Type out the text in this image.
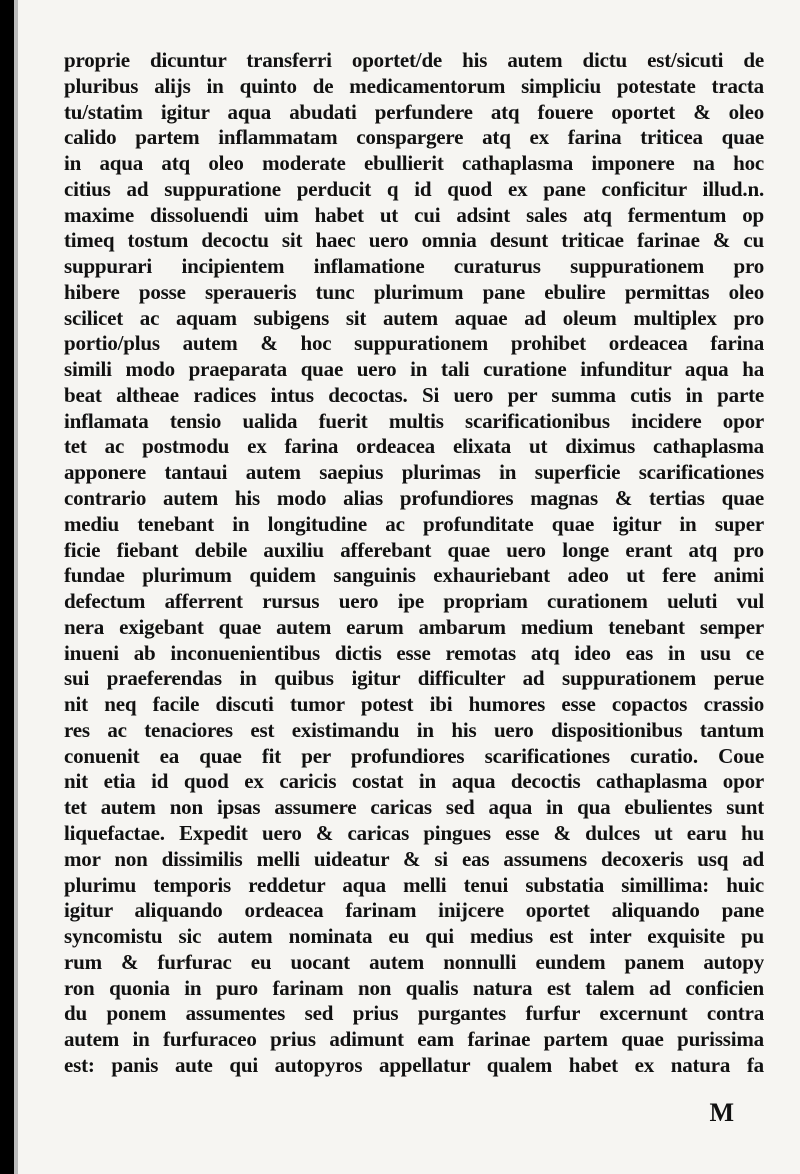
proprie dicuntur transferri oportet/de his autem dictu est/sicuti de
pluribus alijs in quinto de medicamentorum simpliciu potestate tracta
tu/statim igitur aqua abudati perfundere atq fouere oportet & oleo
calido partem inflammatam conspargere atq ex farina triticea quae
in aqua atq oleo moderate ebullierit cathaplasma imponere na hoc
citius ad suppuratione perducit q id quod ex pane conficitur illud.n.
maxime dissoluendi uim habet ut cui adsint sales atq fermentum op
timeq tostum decoctu sit haec uero omnia desunt triticae farinae & cu
suppurari incipientem inflamatione curaturus suppurationem pro
hibere posse speraueris tunc plurimum pane ebulire permittas oleo
scilicet ac aquam subigens sit autem aquae ad oleum multiplex pro
portio/plus autem & hoc suppurationem prohibet ordeacea farina
simili modo praeparata quae uero in tali curatione infunditur aqua ha
beat altheae radices intus decoctas. Si uero per summa cutis in parte
inflamata tensio ualida fuerit multis scarificationibus incidere opor
tet ac postmodu ex farina ordeacea elixata ut diximus cathaplasma
apponere tantaui autem saepius plurimas in superficie scarificationes
contrario autem his modo alias profundiores magnas & tertias quae
mediu tenebant in longitudine ac profunditate quae igitur in super
ficie fiebant debile auxiliu afferebant quae uero longe erant atq pro
fundae plurimum quidem sanguinis exhauriebant adeo ut fere animi
defectum afferrent rursus uero ipe propriam curationem ueluti vul
nera exigebant quae autem earum ambarum medium tenebant semper
inueni ab inconuenientibus dictis esse remotas atq ideo eas in usu ce
sui praeferendas in quibus igitur difficulter ad suppurationem perue
nit neq facile discuti tumor potest ibi humores esse copactos crassio
res ac tenaciores est existimandu in his uero dispositionibus tantum
conuenit ea quae fit per profundiores scarificationes curatio. Coue
nit etia id quod ex caricis costat in aqua decoctis cathaplasma opor
tet autem non ipsas assumere caricas sed aqua in qua ebulientes sunt
liquefactae. Expedit uero & caricas pingues esse & dulces ut earu hu
mor non dissimilis melli uideatur & si eas assumens decoxeris usq ad
plurimu temporis reddetur aqua melli tenui substatia simillima: huic
igitur aliquando ordeacea farinam inijcere oportet aliquando pane
syncomistu sic autem nominata eu qui medius est inter exquisite pu
rum & furfurac eu uocant autem nonnulli eundem panem autopy
ron quonia in puro farinam non qualis natura est talem ad conficien
du ponem assumentes sed prius purgantes furfur excernunt contra
autem in furfuraceo prius adimunt eam farinae partem quae purissima
est: panis aute qui autopyros appellatur qualem habet ex natura fa
M
